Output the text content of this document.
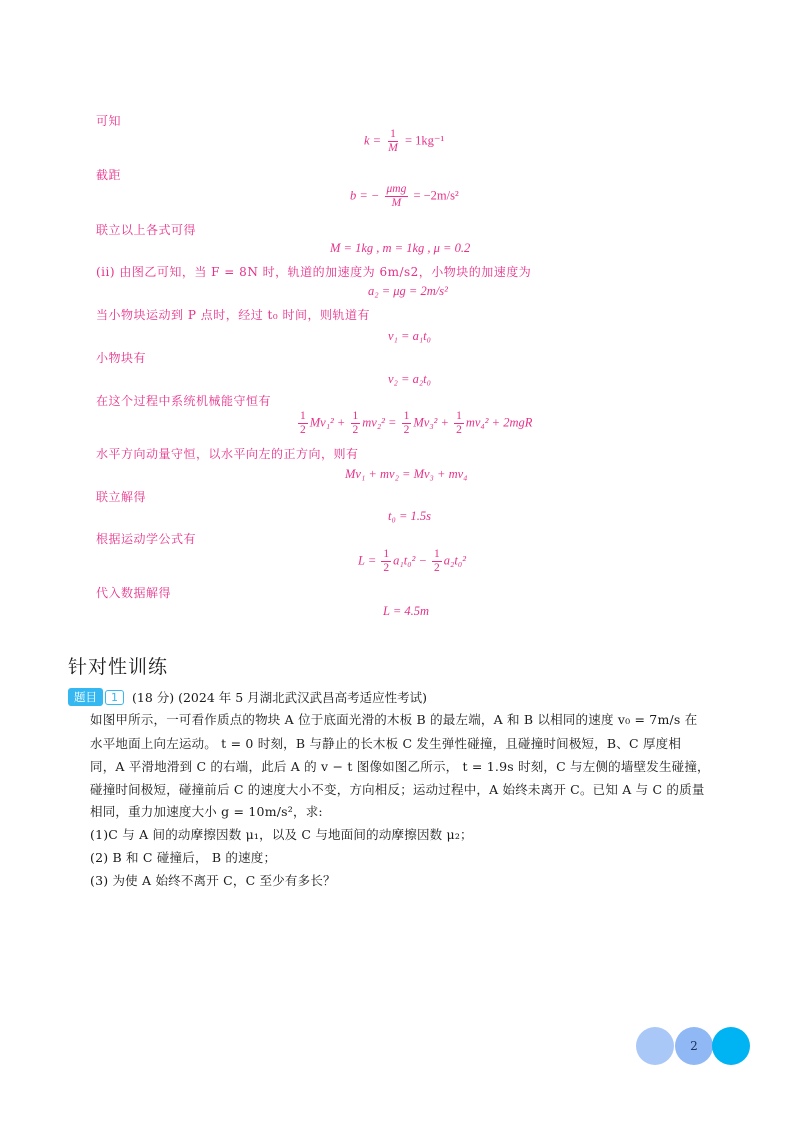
可知
$k = \frac{1}{M} = 1kg^{-1}$
截距
b = − $\frac{\text{μmg}}{M} = -2m/s^2$
联立以上各式可得
M = 1kg , m = 1kg , μ = 0.2
(ii) 由图乙可知，当 F = 8N 时，轨道的加速度为 6m/s2，小物块的加速度为
a₂ = μg = 2m/s²
当小物块运动到 P 点时，经过 t₀ 时间，则轨道有
v₁ = a₁t₀
小物块有
v₂ = a₂t₀
在这个过程中系统机械能守恒有
$\frac{1}{2} Mv_1^2 + \frac{1}{2} mv_2^2 = \frac{1}{2} Mv_3^2 + \frac{1}{2} mv_4^2 + 2mgR$
水平方向动量守恒，以水平向左的正方向，则有
Mv₁ + mv₂ = Mv₃ + mv₄
联立解得
t₀ = 1.5s
根据运动学公式有
$L = \frac{1}{2} a_1t_0^2 - \frac{1}{2} a_2t_0^2$
代入数据解得
L = 4.5m
针对性训练
题目 1 (18 分) (2024 年 5 月湖北武汉武昌高考适应性考试)
如图甲所示，一可看作质点的物块 A 位于底面光滑的木板 B 的最左端，A 和 B 以相同的速度 v₀ = 7m/s 在
水平地面上向左运动。 t = 0 时刻，B 与静止的长木板 C 发生弹性碰撞，且碰撞时间极短，B、C 厚度相
同，A 平滑地滑到 C 的右端，此后 A 的 v − t 图像如图乙所示， t = 1.9s 时刻，C 与左侧的墙壁发生碰撞，
碰撞时间极短，碰撞前后 C 的速度大小不变，方向相反；运动过程中，A 始终未离开 C。已知 A 与 C 的质量
相同，重力加速度大小 g = 10m/s²，求:
(1)C 与 A 间的动摩擦因数 μ₁，以及 C 与地面间的动摩擦因数 μ₂；
(2) B 和 C 碰撞后， B 的速度；
(3) 为使 A 始终不离开 C，C 至少有多长？
2
